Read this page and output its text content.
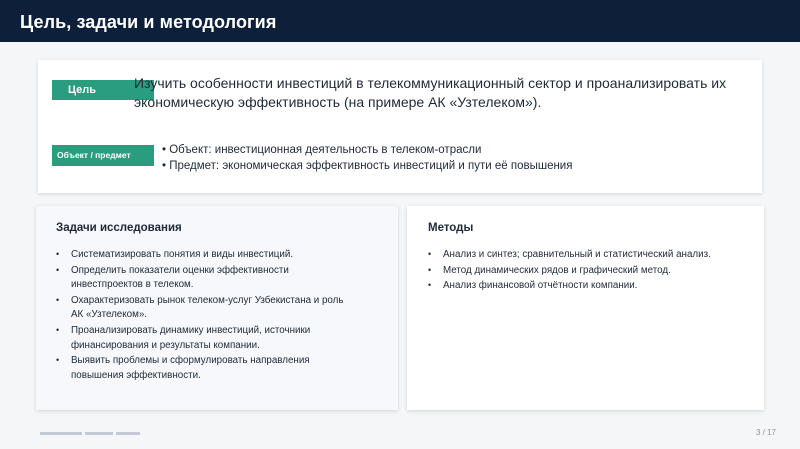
Цель, задачи и методология
Цель	Изучить особенности инвестиций в телекоммуникационный сектор и проанализировать их экономическую эффективность (на примере АК «Узтелеком»).
Объект / предмет	• Объект: инвестиционная деятельность в телеком-отрасли
• Предмет: экономическая эффективность инвестиций и пути её повышения
Задачи исследования
• Систематизировать понятия и виды инвестиций.
• Определить показатели оценки эффективности инвестпроектов в телеком.
• Охарактеризовать рынок телеком-услуг Узбекистана и роль АК «Узтелеком».
• Проанализировать динамику инвестиций, источники финансирования и результаты компании.
• Выявить проблемы и сформулировать направления повышения эффективности.
Методы
• Анализ и синтез; сравнительный и статистический анализ.
• Метод динамических рядов и графический метод.
• Анализ финансовой отчётности компании.
3 / 17
